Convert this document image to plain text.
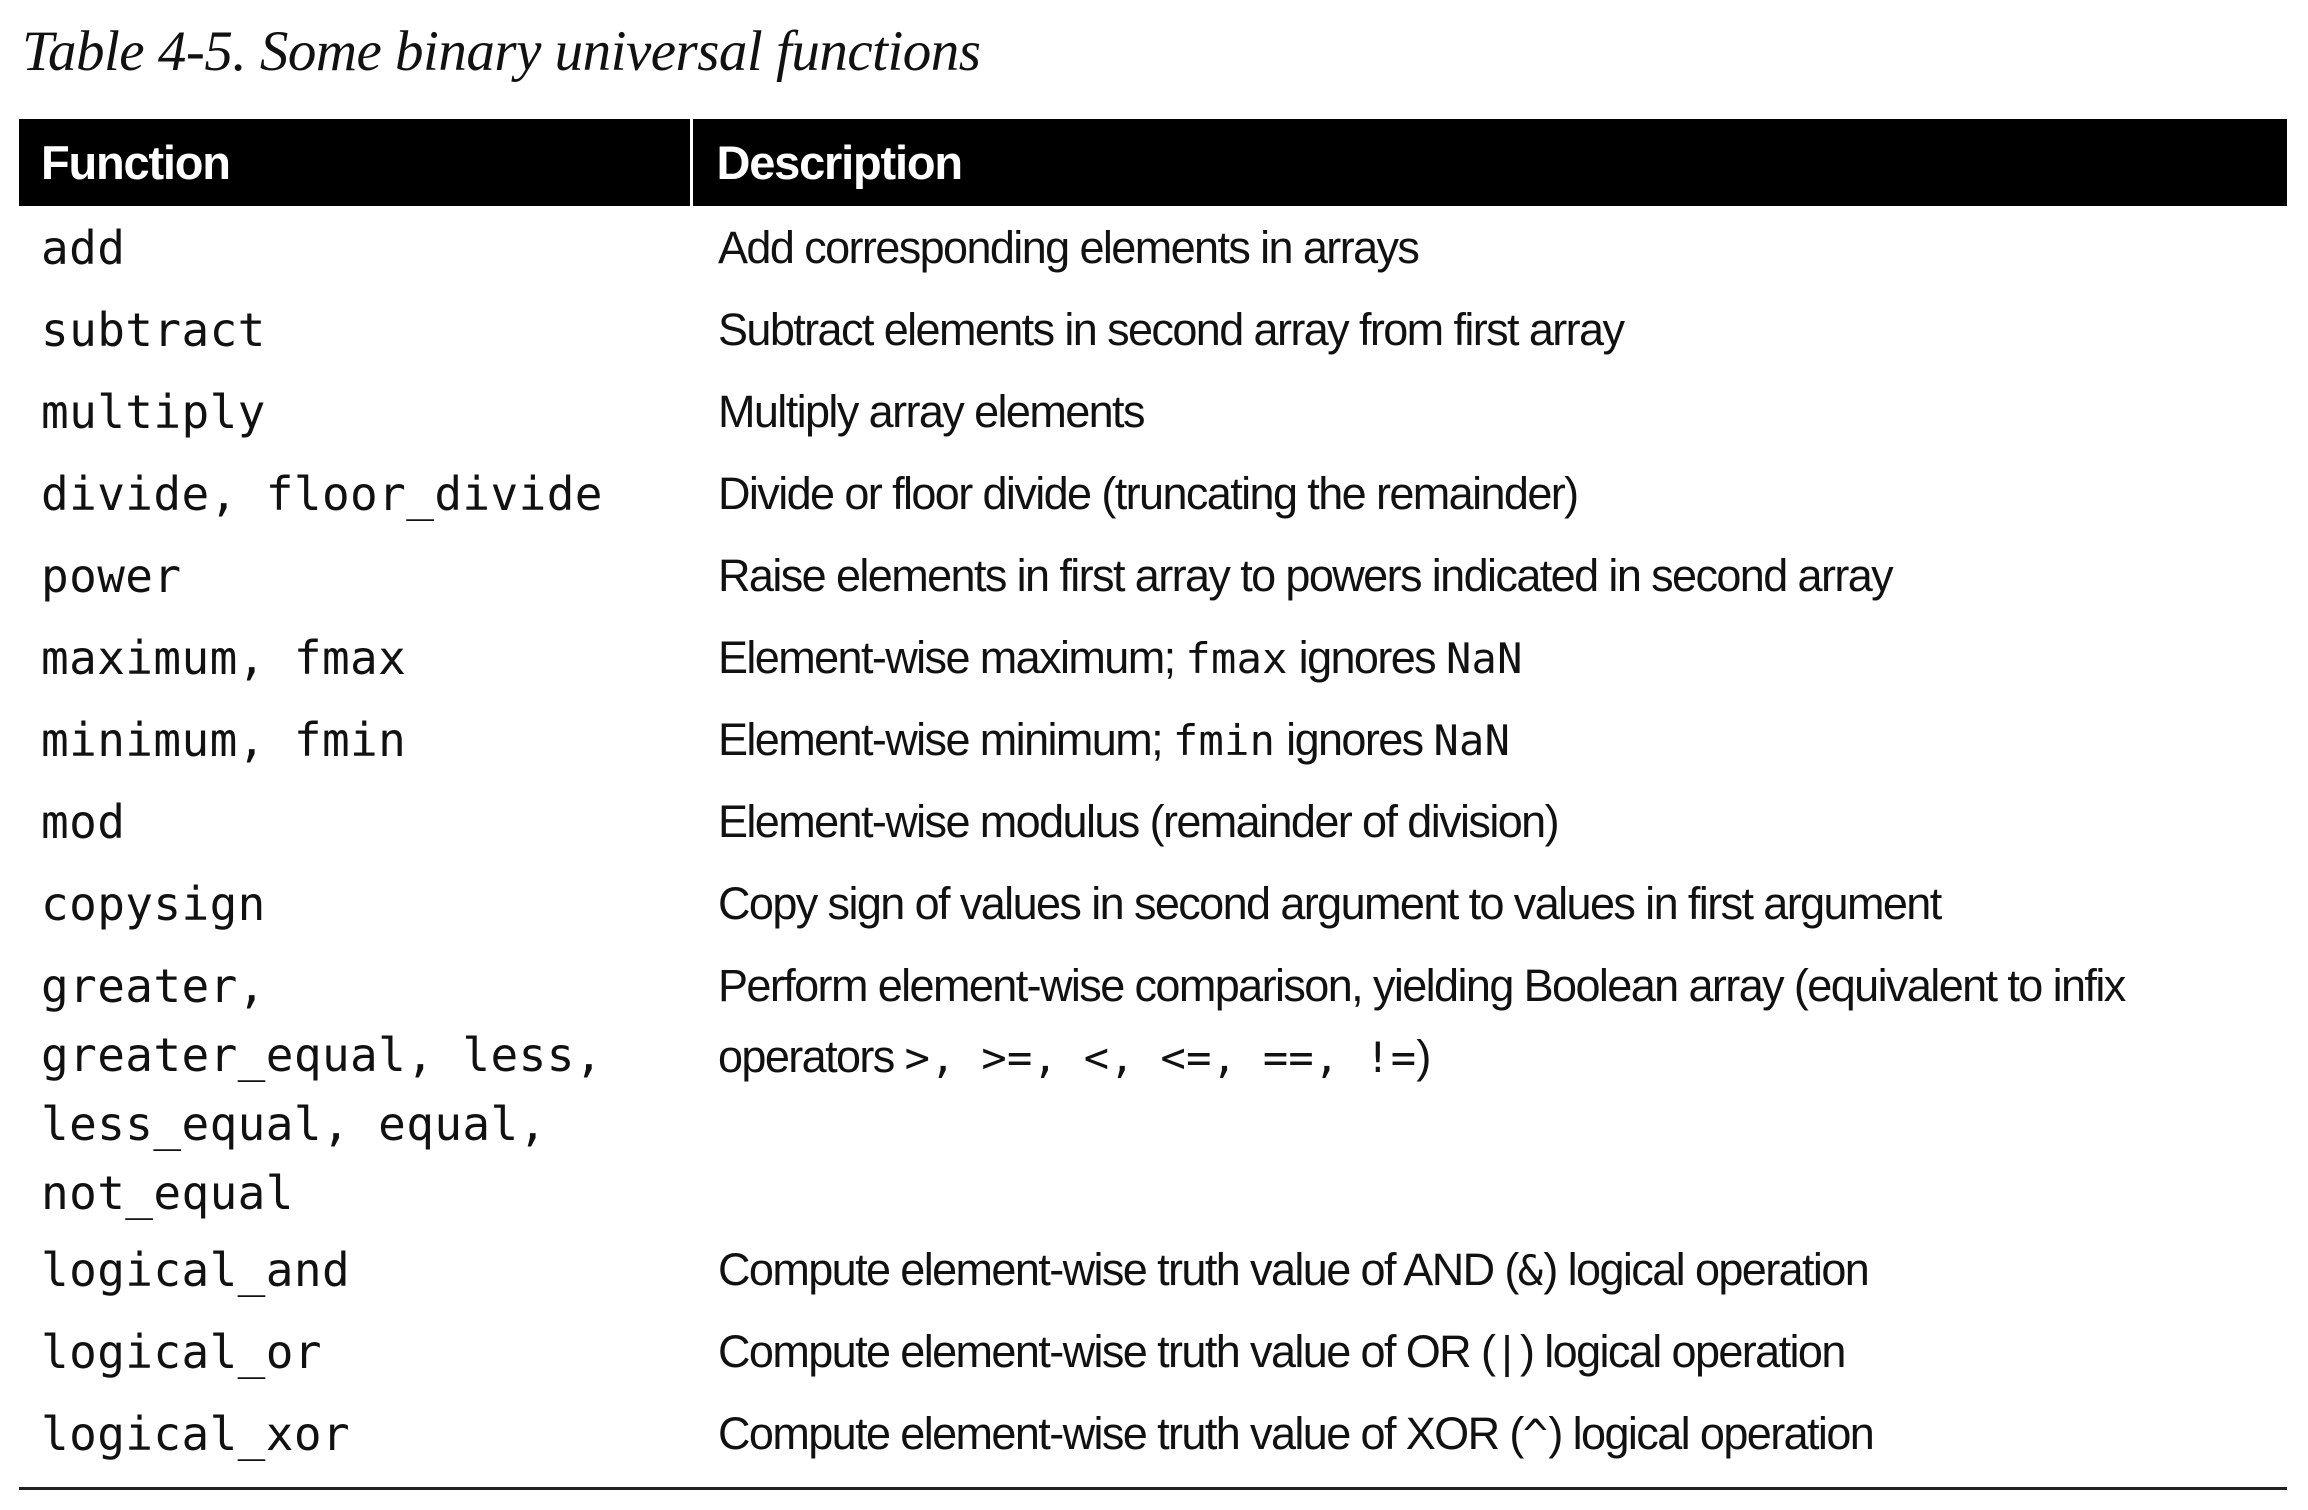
Table 4-5. Some binary universal functions
Function	Description
add	Add corresponding elements in arrays
subtract	Subtract elements in second array from first array
multiply	Multiply array elements
divide, floor_divide	Divide or floor divide (truncating the remainder)
power	Raise elements in first array to powers indicated in second array
maximum, fmax	Element-wise maximum; fmax ignores NaN
minimum, fmin	Element-wise minimum; fmin ignores NaN
mod	Element-wise modulus (remainder of division)
copysign	Copy sign of values in second argument to values in first argument
greater,
greater_equal, less,
less_equal, equal,
not_equal	Perform element-wise comparison, yielding Boolean array (equivalent to infix operators >, >=, <, <=, ==, !=)
logical_and	Compute element-wise truth value of AND (&) logical operation
logical_or	Compute element-wise truth value of OR (|) logical operation
logical_xor	Compute element-wise truth value of XOR (^) logical operation
